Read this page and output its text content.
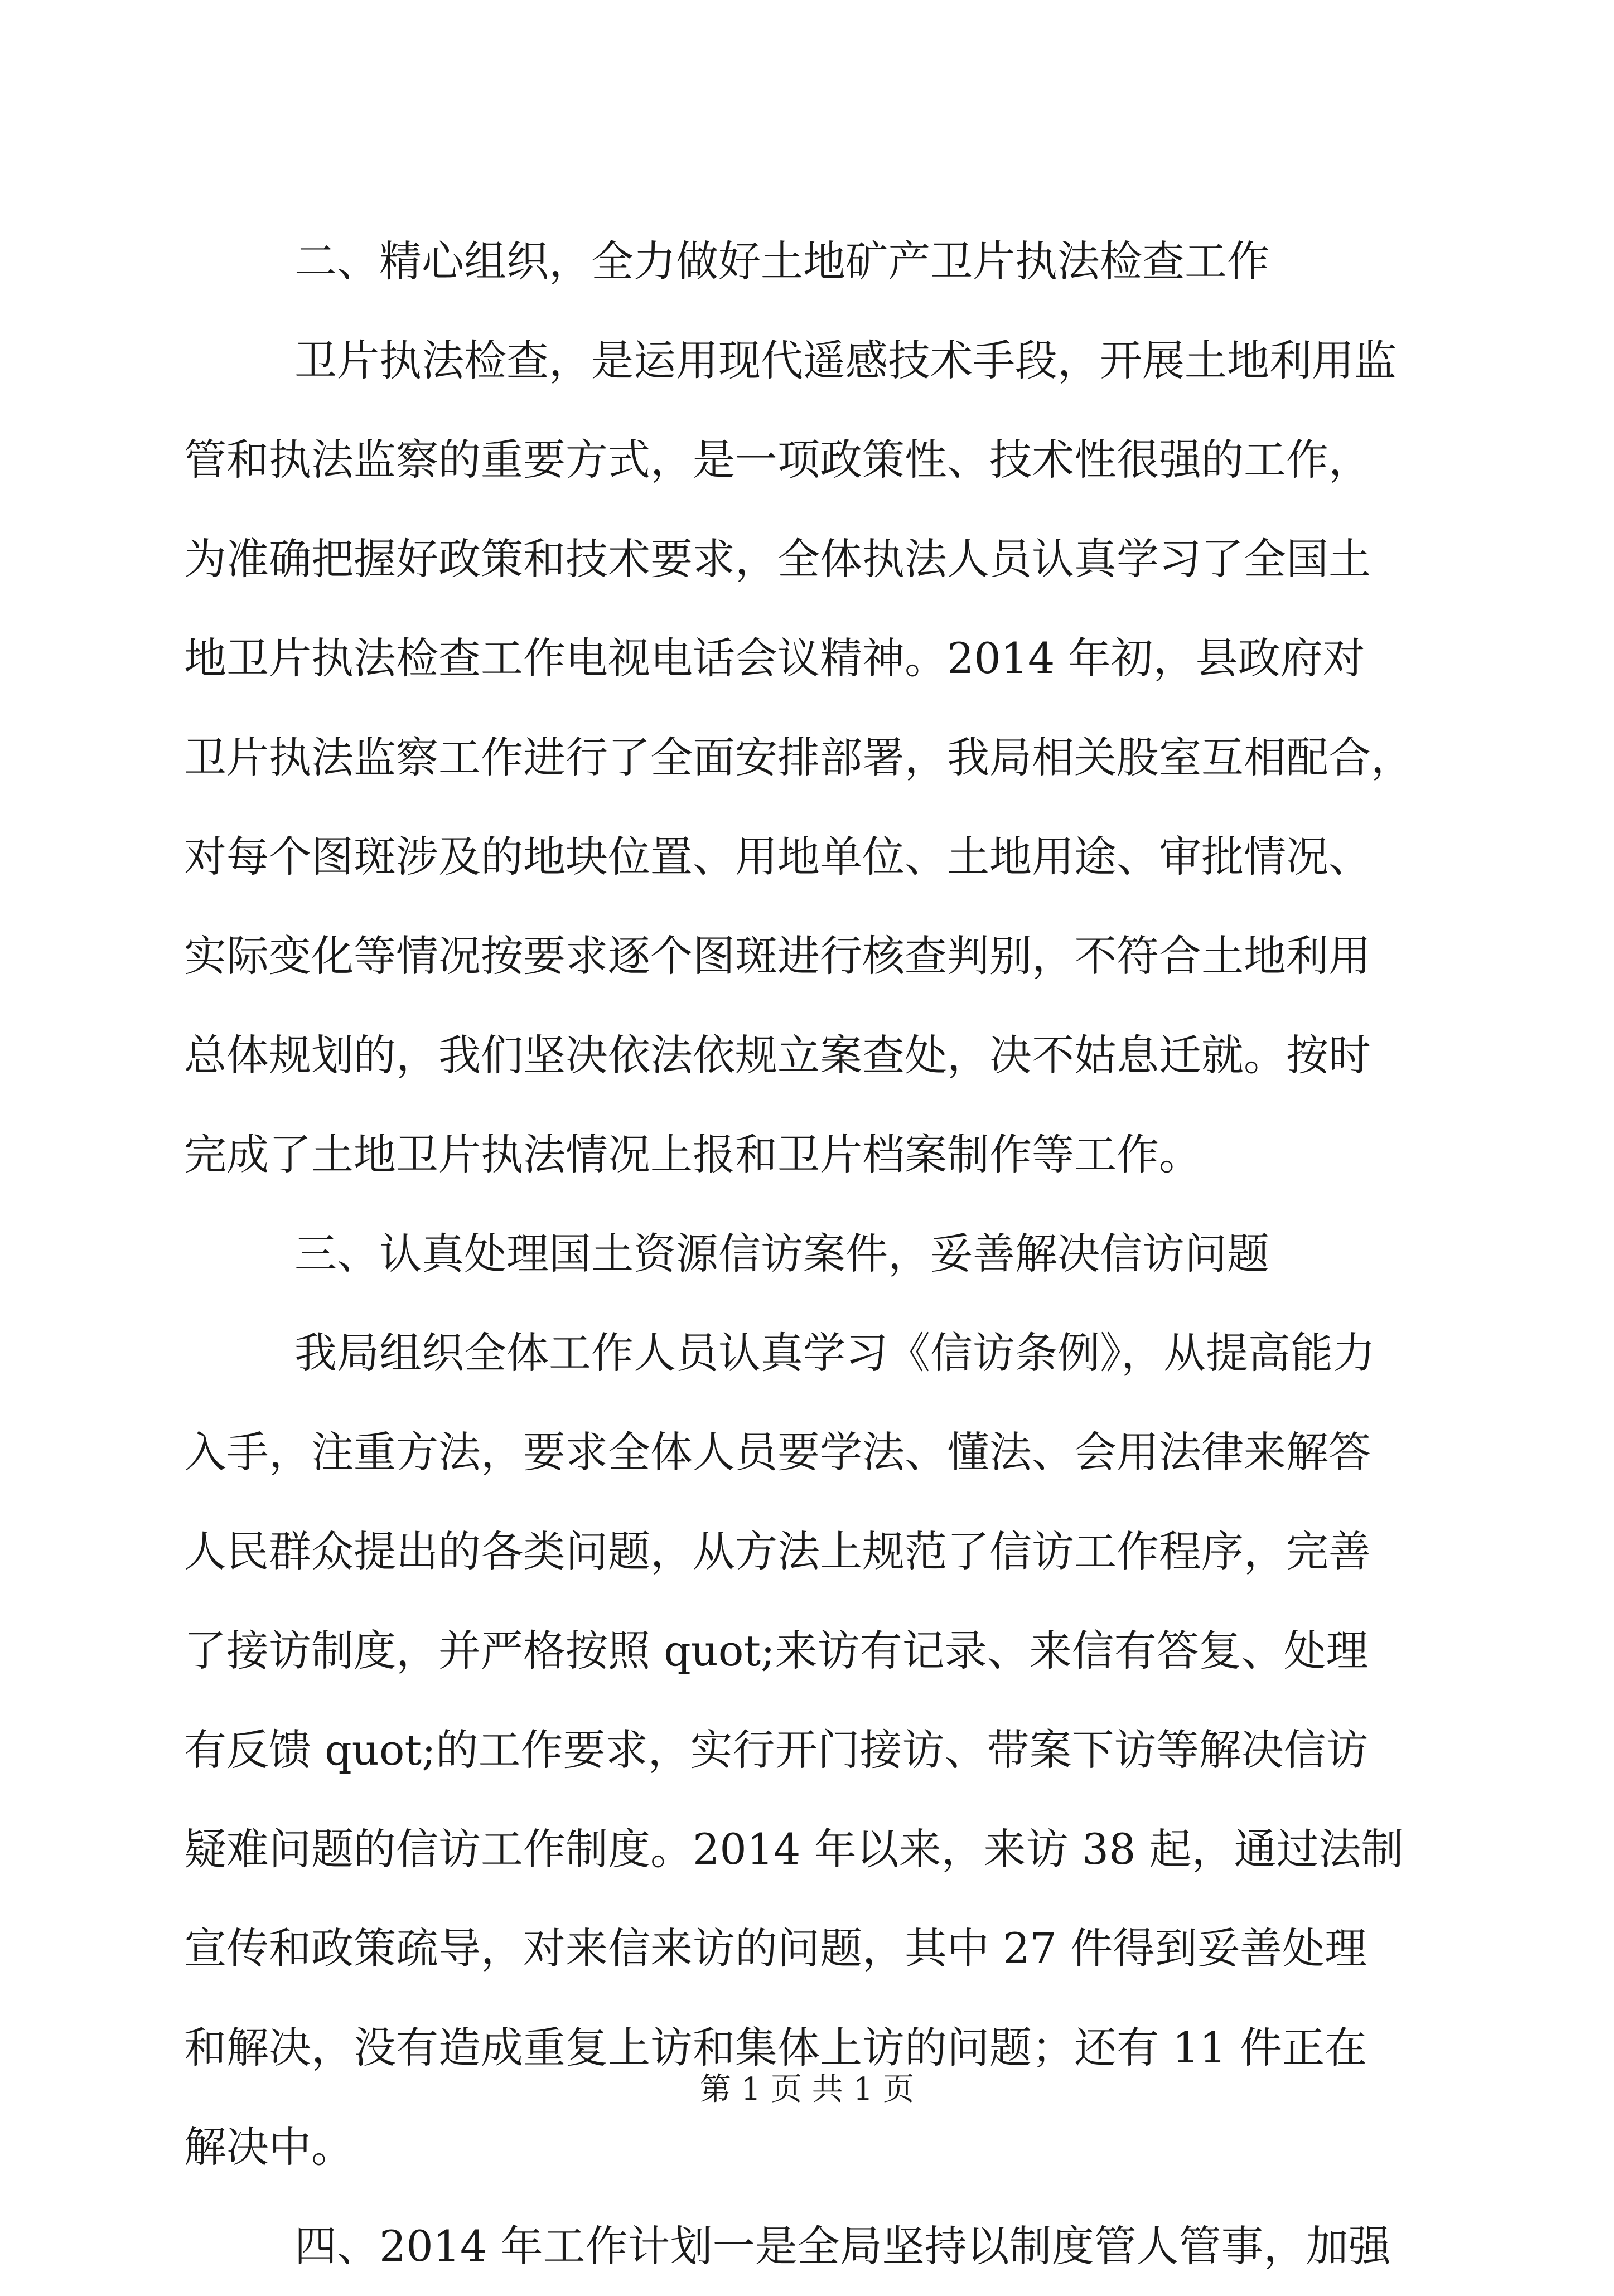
二、精心组织，全力做好土地矿产卫片执法检查工作
卫片执法检查，是运用现代遥感技术手段，开展土地利用监
管和执法监察的重要方式，是一项政策性、技术性很强的工作，
为准确把握好政策和技术要求，全体执法人员认真学习了全国土
地卫片执法检查工作电视电话会议精神。2014 年初，县政府对
卫片执法监察工作进行了全面安排部署，我局相关股室互相配合，
对每个图斑涉及的地块位置、用地单位、土地用途、审批情况、
实际变化等情况按要求逐个图斑进行核查判别，不符合土地利用
总体规划的，我们坚决依法依规立案查处，决不姑息迁就。按时
完成了土地卫片执法情况上报和卫片档案制作等工作。
三、认真处理国土资源信访案件，妥善解决信访问题
我局组织全体工作人员认真学习《信访条例》，从提高能力
入手，注重方法，要求全体人员要学法、懂法、会用法律来解答
人民群众提出的各类问题，从方法上规范了信访工作程序，完善
了接访制度，并严格按照 quot;来访有记录、来信有答复、处理
有反馈 quot;的工作要求，实行开门接访、带案下访等解决信访
疑难问题的信访工作制度。2014 年以来，来访 38 起，通过法制
宣传和政策疏导，对来信来访的问题，其中 27 件得到妥善处理
和解决，没有造成重复上访和集体上访的问题；还有 11 件正在
解决中。
四、2014 年工作计划一是全局坚持以制度管人管事，加强
第 1 页 共 1 页
